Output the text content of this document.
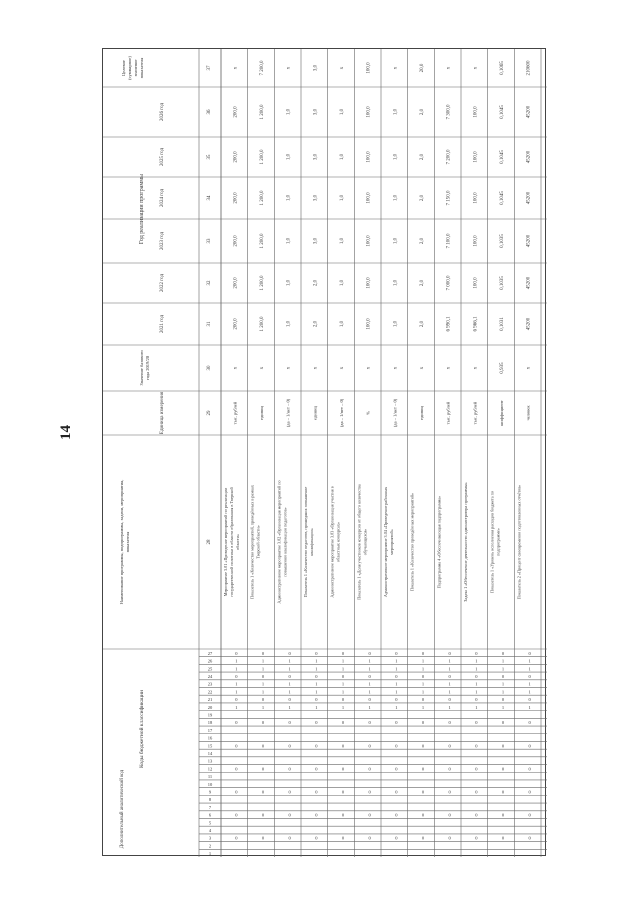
14
Целевое (суммарное) значение показателя
2021 год
2022 год
2023 год
2024 год
2025 год
2026 год
Год реализации программы
Значение базового года 2019/20
Единица измерения
Наименование программы, подпрограммы, задачи, мероприятия, показателя
Коды бюджетной классификации
Дополнительный аналитический код
37
36
35
34
33
32
31
30
29
28
27
26
25
24
23
22
21
20
19
18
17
16
15
14
13
12
11
10
9
8
7
6
5
4
3
2
1
х
200,0
200,0
200,0
200,0
200,0
200,0
х
тыс. рублей
Мероприятие 3.01 «Проведение мероприятий по реализации государственной политики в области образования в Тверской области»
0
1
1
0
1
1
0
1
0
0
0
0
0
0
7 200,0
1 200,0
1 200,0
1 200,0
1 200,0
1 200,0
1 200,0
х
единиц
Показатель 1 «Количество мероприятий, проведённых в рамках Тверской области»
0
1
1
0
1
1
0
1
0
0
0
0
0
0
х
1,0
1,0
1,0
1,0
1,0
1,0
х
(да – 1/нет – 0)
Административное мероприятие 3.02 «Организация мероприятий по повышению квалификации педагогов»
0
1
1
0
1
1
0
1
0
0
0
0
0
0
3,0
3,0
3,0
3,0
3,0
2,0
2,0
х
единиц
Показатель 1 «Количество педагогов, прошедших повышение квалификации»
0
1
1
0
1
1
0
1
0
0
0
0
0
0
х
1,0
1,0
1,0
1,0
1,0
1,0
х
(да – 1/нет – 0)
Административное мероприятие 3.03 «Организация участия в областных конкурсах»
0
1
1
0
1
1
0
1
0
0
0
0
0
0
100,0
100,0
100,0
100,0
100,0
100,0
100,0
х
%
Показатель 1 «Доля участников конкурсов от общего количества обучающихся»
0
1
1
0
1
1
0
1
0
0
0
0
0
0
х
1,0
1,0
1,0
1,0
1,0
1,0
х
(да – 1/нет – 0)
Административное мероприятие 3.04 «Проведение районных мероприятий»
0
1
1
0
1
1
0
1
0
0
0
0
0
0
20,0
2,0
2,0
2,0
2,0
2,0
2,0
х
единиц
Показатель 1 «Количество проведённых мероприятий»
0
1
1
0
1
1
0
1
0
0
0
0
0
0
х
7 300,0
7 200,0
7 150,0
7 100,0
7 000,0
6 990,1
х
тыс. рублей
Подпрограмма 4 «Обеспечивающая подпрограмма»
0
1
1
0
1
1
0
1
0
0
0
0
0
0
х
100,0
100,0
100,0
100,0
100,0
6 966,1
х
тыс. рублей
Задача 1 «Обеспечение деятельности администратора программы»
0
1
1
0
1
1
0
1
0
0
0
0
0
0
0,1065
0,1045
0,1045
0,1045
0,1035
0,1035
0,1031
0,935
коэффициент
Показатель 1 «Уровень исполнения расходов бюджета по подпрограмме»
0
1
1
0
1
1
0
1
0
0
0
0
0
0
210600
45200
45200
45200
45200
45200
45200
х
человек
Показатель 2 «Процент своевременно подготовленных отчётов»
0
1
1
0
1
1
0
1
0
0
0
0
0
0
